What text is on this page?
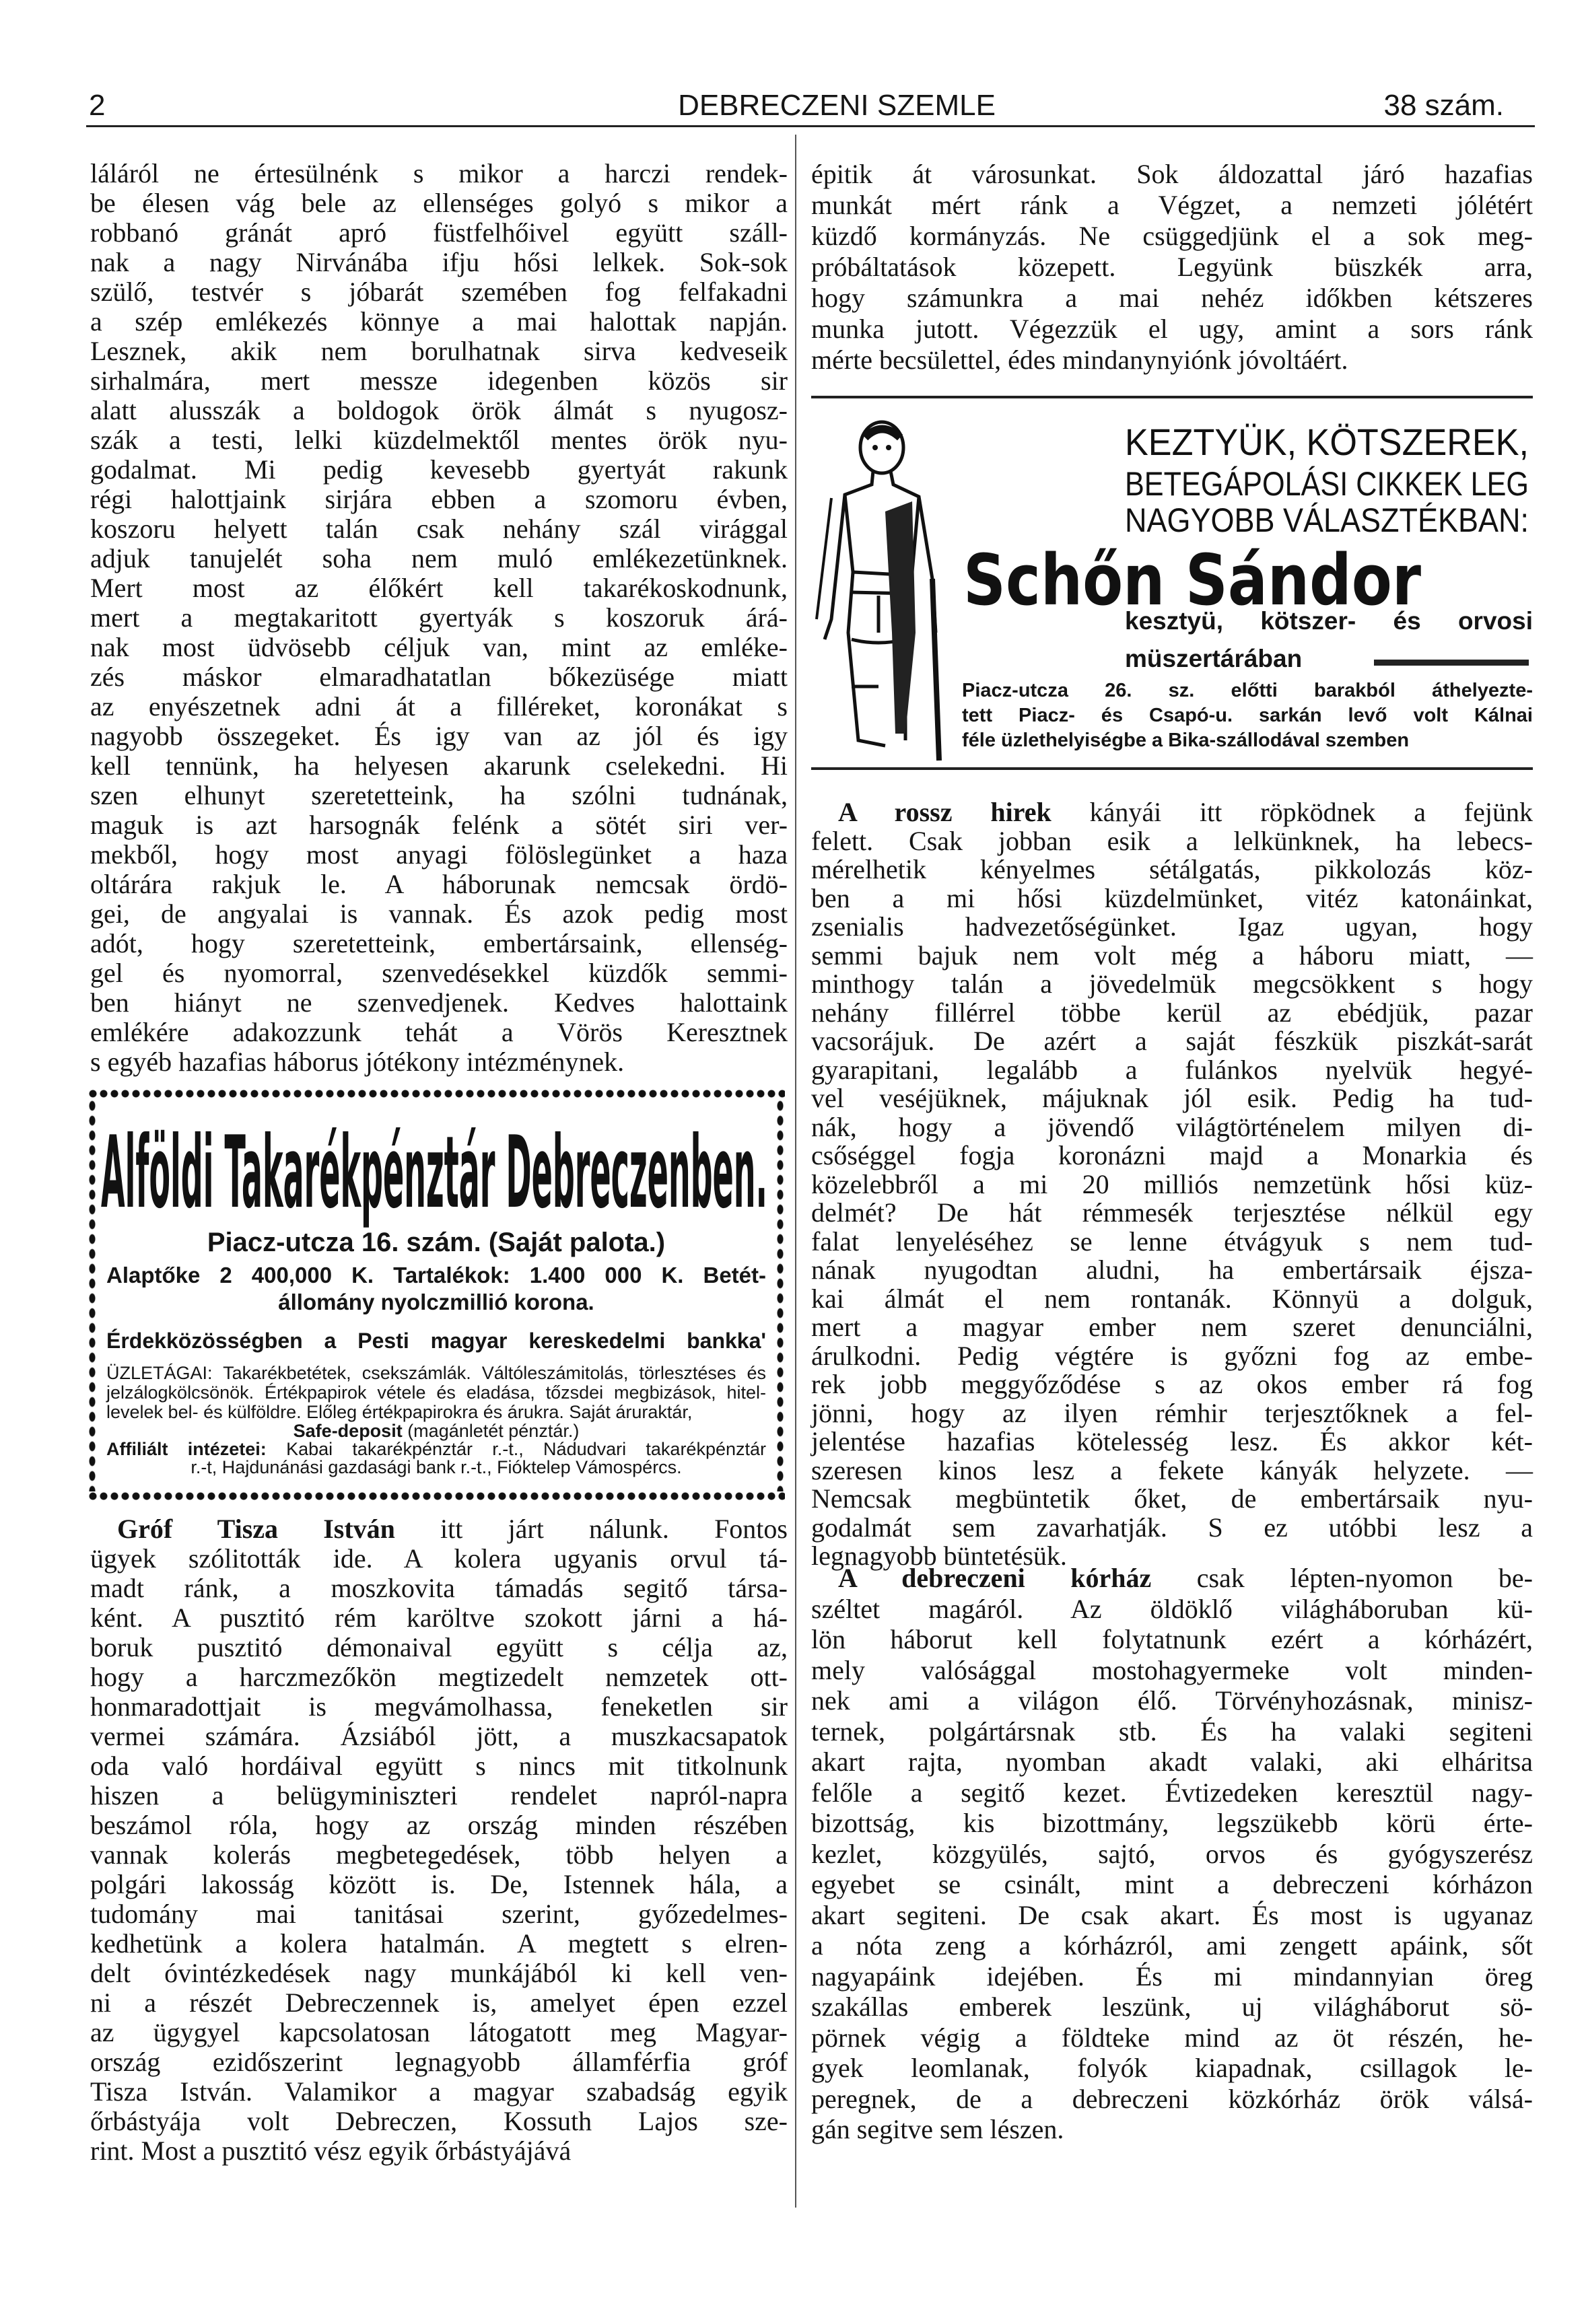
2	DEBRECZENI SZEMLE	38 szám.
láláról ne értesülnénk s mikor a harczi rendek-
be élesen vág bele az ellenséges golyó s mikor a
robbanó gránát apró füstfelhőivel együtt száll-
nak a nagy Nirvánába ifju hősi lelkek. Sok-sok
szülő, testvér s jóbarát szemében fog felfakadni
a szép emlékezés könnye a mai halottak napján.
Lesznek, akik nem borulhatnak sirva kedveseik
sirhalmára, mert messze idegenben közös sir
alatt alusszák a boldogok örök álmát s nyugosz-
szák a testi, lelki küzdelmektől mentes örök nyu-
godalmat. Mi pedig kevesebb gyertyát rakunk
régi halottjaink sirjára ebben a szomoru évben,
koszoru helyett talán csak nehány szál virággal
adjuk tanujelét soha nem muló emlékezetünknek.
Mert most az élőkért kell takarékoskodnunk,
mert a megtakaritott gyertyák s koszoruk árá-
nak most üdvösebb céljuk van, mint az emléke-
zés máskor elmaradhatatlan bőkezüsége miatt
az enyészetnek adni át a filléreket, koronákat s
nagyobb összegeket. És igy van az jól és igy
kell tennünk, ha helyesen akarunk cselekedni. Hi
szen elhunyt szeretetteink, ha szólni tudnának,
maguk is azt harsognák felénk a sötét siri ver-
mekből, hogy most anyagi fölöslegünket a haza
oltárára rakjuk le. A háborunak nemcsak ördö-
gei, de angyalai is vannak. És azok pedig most
adót, hogy szeretetteink, embertársaink, ellenség-
gel és nyomorral, szenvedésekkel küzdők semmi-
ben hiányt ne szenvedjenek. Kedves halottaink
emlékére adakozzunk tehát a Vörös Keresztnek
s egyéb hazafias háborus jótékony intézménynek.
Alföldi Takarékpénztár Debreczenben.
Piacz-utcza 16. szám. (Saját palota.)
Alaptőke 2 400,000 K. Tartalékok: 1.400 000 K. Betét-
állomány nyolczmillió korona.
Érdekközösségben a Pesti magyar kereskedelmi bankka'
ÜZLETÁGAI: Takarékbetétek, csekszámlák. Váltóleszámitolás, törlesztéses és
jelzálogkölcsönök. Értékpapirok vétele és eladása, tőzsdei megbizások, hitel-
levelek bel- és külföldre. Előleg értékpapirokra és árukra. Saját áruraktár,
Safe-deposit (magánletét pénztár.)
Affiliált intézetei: Kabai takarékpénztár r.-t., Nádudvari takarékpénztár
r.-t, Hajdunánási gazdasági bank r.-t., Fióktelep Vámospércs.
Gróf Tisza István itt járt nálunk. Fontos
ügyek szólitották ide. A kolera ugyanis orvul tá-
madt ránk, a moszkovita támadás segitő társa-
ként. A pusztitó rém karöltve szokott járni a há-
boruk pusztitó démonaival együtt s célja az,
hogy a harczmezőkön megtizedelt nemzetek ott-
honmaradottjait is megvámolhassa, feneketlen sir
vermei számára. Ázsiából jött, a muszkacsapatok
oda való hordáival együtt s nincs mit titkolnunk
hiszen a belügyminiszteri rendelet napról-napra
beszámol róla, hogy az ország minden részében
vannak kolerás megbetegedések, több helyen a
polgári lakosság között is. De, Istennek hála, a
tudomány mai tanitásai szerint, győzedelmes-
kedhetünk a kolera hatalmán. A megtett s elren-
delt óvintézkedések nagy munkájából ki kell ven-
ni a részét Debreczennek is, amelyet épen ezzel
az ügygyel kapcsolatosan látogatott meg Magyar-
ország ezidőszerint legnagyobb államférfia gróf
Tisza István. Valamikor a magyar szabadság egyik
őrbástyája volt Debreczen, Kossuth Lajos sze-
rint. Most a pusztitó vész egyik őrbástyájává
épitik át városunkat. Sok áldozattal járó hazafias
munkát mért ránk a Végzet, a nemzeti jólétért
küzdő kormányzás. Ne csüggedjünk el a sok meg-
próbáltatások közepett. Legyünk büszkék arra,
hogy számunkra a mai nehéz időkben kétszeres
munka jutott. Végezzük el ugy, amint a sors ránk
mérte becsülettel, édes mindanynyiónk jóvoltáért.
KEZTYÜK, KÖTSZEREK,
BETEGÁPOLÁSI CIKKEK LEG
NAGYOBB VÁLASZTÉKBAN:
Schőn Sándor
kesztyü, kötszer- és orvosi
müszertárában
Piacz-utcza 26. sz. előtti barakból áthelyezte-
tett Piacz- és Csapó-u. sarkán levő volt Kálnai
féle üzlethelyiségbe a Bika-szállodával szemben
A rossz hirek kányái itt röpködnek a fejünk
felett. Csak jobban esik a lelkünknek, ha lebecs-
mérelhetik kényelmes sétálgatás, pikkolozás köz-
ben a mi hősi küzdelmünket, vitéz katonáinkat,
zsenialis hadvezetőségünket. Igaz ugyan, hogy
semmi bajuk nem volt még a háboru miatt, —
minthogy talán a jövedelmük megcsökkent s hogy
nehány fillérrel többe kerül az ebédjük, pazar
vacsorájuk. De azért a saját fészkük piszkát-sarát
gyarapitani, legalább a fulánkos nyelvük hegyé-
vel veséjüknek, májuknak jól esik. Pedig ha tud-
nák, hogy a jövendő világtörténelem milyen di-
csőséggel fogja koronázni majd a Monarkia és
közelebbről a mi 20 milliós nemzetünk hősi küz-
delmét? De hát rémmesék terjesztése nélkül egy
falat lenyeléséhez se lenne étvágyuk s nem tud-
nának nyugodtan aludni, ha embertársaik éjsza-
kai álmát el nem rontanák. Könnyü a dolguk,
mert a magyar ember nem szeret denunciálni,
árulkodni. Pedig végtére is győzni fog az embe-
rek jobb meggyőződése s az okos ember rá fog
jönni, hogy az ilyen rémhir terjesztőknek a fel-
jelentése hazafias kötelesség lesz. És akkor két-
szeresen kinos lesz a fekete kányák helyzete. —
Nemcsak megbüntetik őket, de embertársaik nyu-
godalmát sem zavarhatják. S ez utóbbi lesz a
legnagyobb büntetésük.
A debreczeni kórház csak lépten-nyomon be-
széltet magáról. Az öldöklő világháboruban kü-
lön háborut kell folytatnunk ezért a kórházért,
mely valósággal mostohagyermeke volt minden-
nek ami a világon élő. Törvényhozásnak, minisz-
ternek, polgártársnak stb. És ha valaki segiteni
akart rajta, nyomban akadt valaki, aki elháritsa
felőle a segitő kezet. Évtizedeken keresztül nagy-
bizottság, kis bizottmány, legszükebb körü érte-
kezlet, közgyülés, sajtó, orvos és gyógyszerész
egyebet se csinált, mint a debreczeni kórházon
akart segiteni. De csak akart. És most is ugyanaz
a nóta zeng a kórházról, ami zengett apáink, sőt
nagyapáink idejében. És mi mindannyian öreg
szakállas emberek leszünk, uj világháborut sö-
pörnek végig a földteke mind az öt részén, he-
gyek leomlanak, folyók kiapadnak, csillagok le-
peregnek, de a debreczeni közkórház örök válsá-
gán segitve sem lészen.
